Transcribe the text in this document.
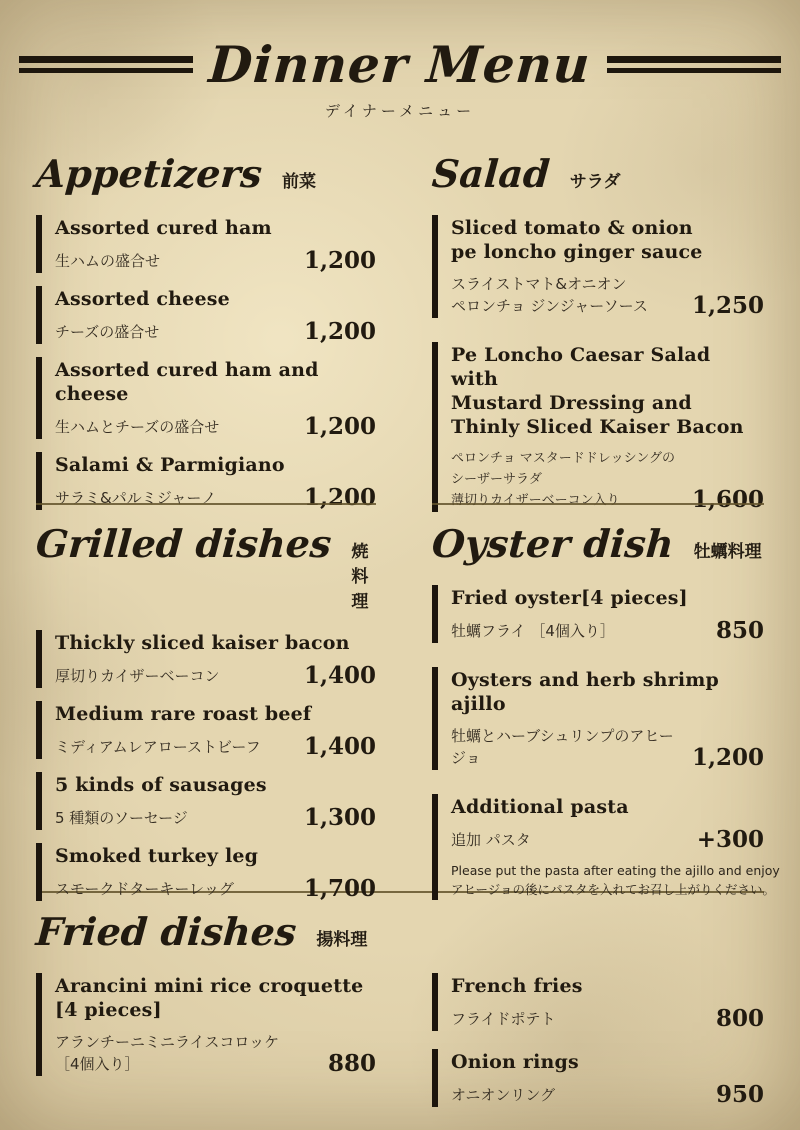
Dinner Menu
デイナーメニュー
Appetizers 前菜
Assorted cured ham
生ハムの盛合せ	1,200
Assorted cheese
チーズの盛合せ	1,200
Assorted cured ham and cheese
生ハムとチーズの盛合せ	1,200
Salami & Parmigiano
サラミ&パルミジャーノ	1,200
Salad サラダ
Sliced tomato & onion
pe loncho ginger sauce
スライストマト&オニオン
ペロンチョ ジンジャーソース	1,250
Pe Loncho Caesar Salad with
Mustard Dressing and
Thinly Sliced Kaiser Bacon
ペロンチョ マスタードドレッシングのシーザーサラダ
薄切りカイザーベーコン入り	1,600
Grilled dishes 焼料理
Thickly sliced kaiser bacon
厚切りカイザーベーコン	1,400
Medium rare roast beef
ミディアムレアローストビーフ	1,400
5 kinds of sausages
5 種類のソーセージ	1,300
Smoked turkey leg
スモークドターキーレッグ	1,700
Oyster dish 牡蠣料理
Fried oyster[4 pieces]
牡蠣フライ ［4個入り］	850
Oysters and herb shrimp ajillo
牡蠣とハーブシュリンプのアヒージョ	1,200
Additional pasta
追加 パスタ	+300
Please put the pasta after eating the ajillo and enjoy
アヒージョの後にパスタを入れてお召し上がりください。
Fried dishes 揚料理
Arancini mini rice croquette
[4 pieces]
アランチーニミニライスコロッケ
［4個入り］	880
French fries
フライドポテト	800
Onion rings
オニオンリング	950
